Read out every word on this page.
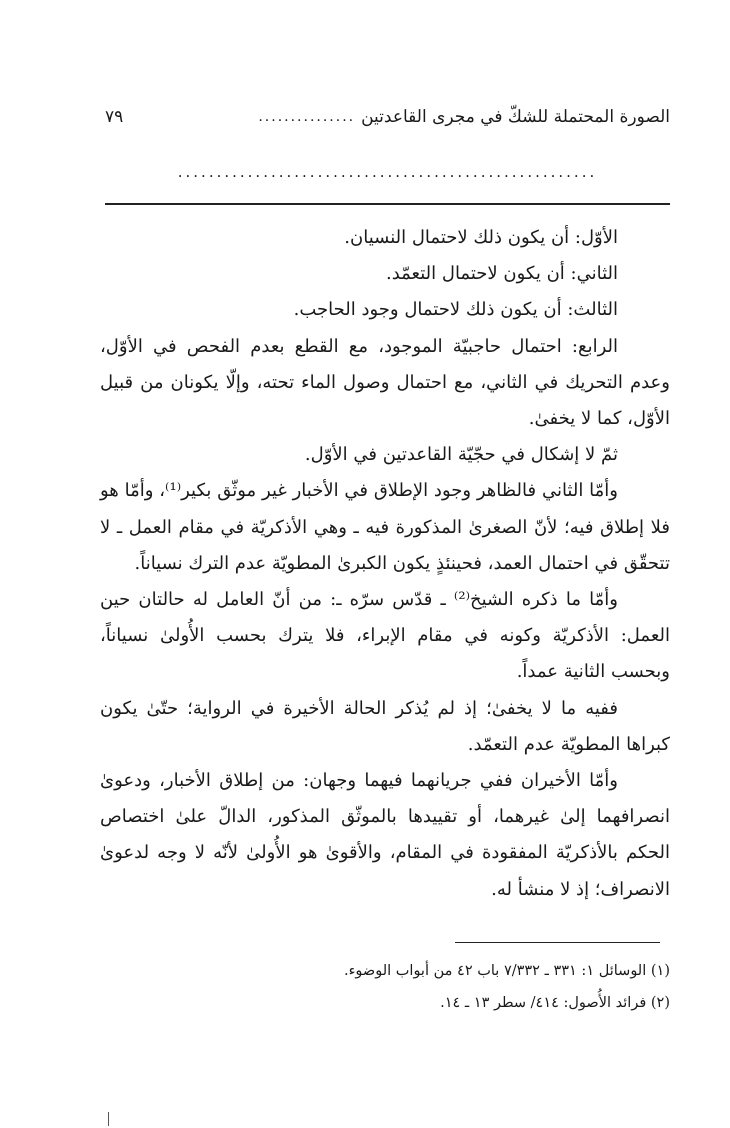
الصورة المحتملة للشكّ في مجرى القاعدتين
...............
٧٩
......................................................

الأوّل: أن يكون ذلك لاحتمال النسيان.

الثاني: أن يكون لاحتمال التعمّد.

الثالث: أن يكون ذلك لاحتمال وجود الحاجب.

الرابع: احتمال حاجبيّة الموجود، مع القطع بعدم الفحص في الأوّل، وعدم التحريك في الثاني، مع احتمال وصول الماء تحته، وإلّا يكونان من قبيل الأوّل، كما لا يخفىٰ.

ثمّ لا إشكال في حجّيّة القاعدتين في الأوّل.

وأمّا الثاني فالظاهر وجود الإطلاق في الأخبار غير موثّق بكير⁽¹⁾، وأمّا هو فلا إطلاق فيه؛ لأنّ الصغرىٰ المذكورة فيه ـ وهي الأذكريّة في مقام العمل ـ لا تتحقّق في احتمال العمد، فحينئذٍ يكون الكبرىٰ المطويّة عدم الترك نسياناً.

وأمّا ما ذكره الشيخ⁽²⁾ ـ قدّس سرّه ـ: من أنّ العامل له حالتان حين العمل: الأذكريّة وكونه في مقام الإبراء، فلا يترك بحسب الأُولىٰ نسياناً، وبحسب الثانية عمداً.

ففيه ما لا يخفىٰ؛ إذ لم يُذكر الحالة الأخيرة في الرواية؛ حتّىٰ يكون كبراها المطويّة عدم التعمّد.

وأمّا الأخيران ففي جريانهما فيهما وجهان: من إطلاق الأخبار، ودعوىٰ انصرافهما إلىٰ غيرهما، أو تقييدها بالموثّق المذكور، الدالّ علىٰ اختصاص الحكم بالأذكريّة المفقودة في المقام، والأقوىٰ هو الأُولىٰ لأنّه لا وجه لدعوىٰ الانصراف؛ إذ لا منشأ له.

(١) الوسائل ١: ٣٣١ ـ ٧/٣٣٢ باب ٤٢ من أبواب الوضوء.

(٢) فرائد الأُصول: ٤١٤/ سطر ١٣ ـ ١٤.
